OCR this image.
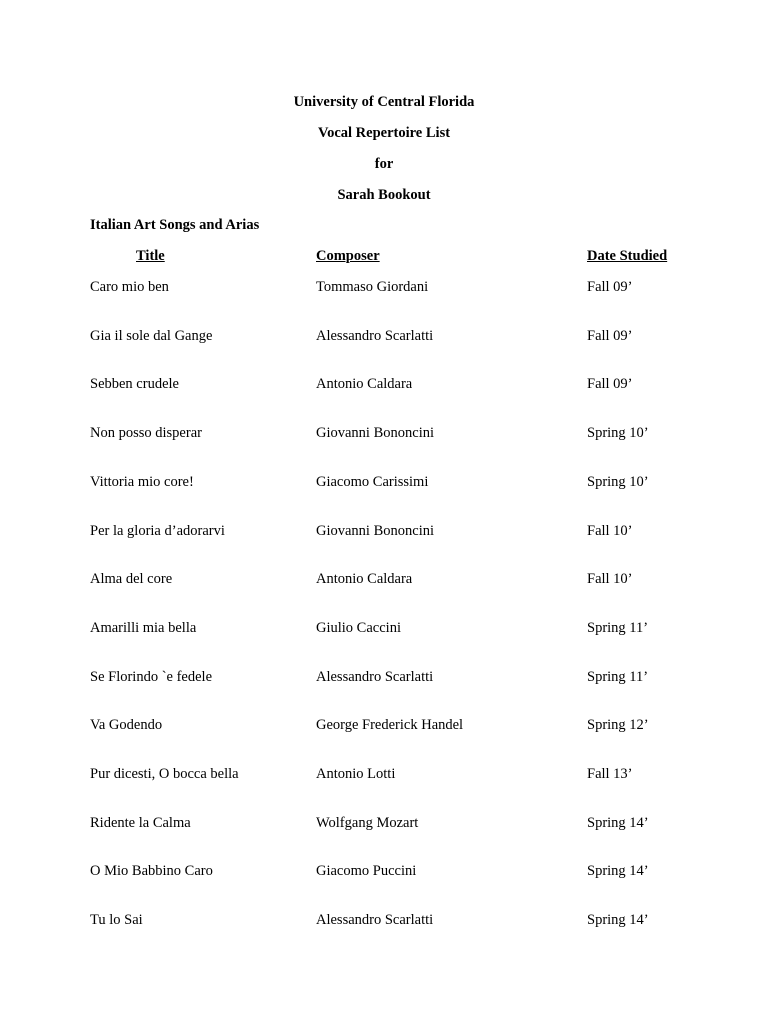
University of Central Florida
Vocal Repertoire List
for
Sarah Bookout
Italian Art Songs and Arias
Title	Composer	Date Studied
Caro mio ben	Tommaso Giordani	Fall 09’
Gia il sole dal Gange	Alessandro Scarlatti	Fall 09’
Sebben crudele	Antonio Caldara	Fall 09’
Non posso disperar	Giovanni Bononcini	Spring 10’
Vittoria mio core!	Giacomo Carissimi	Spring 10’
Per la gloria d’adorarvi	Giovanni Bononcini	Fall 10’
Alma del core	Antonio Caldara	Fall 10’
Amarilli mia bella	Giulio Caccini	Spring 11’
Se Florindo `e fedele	Alessandro Scarlatti	Spring 11’
Va Godendo	George Frederick Handel	Spring 12’
Pur dicesti, O bocca bella	Antonio Lotti	Fall 13’
Ridente la Calma	Wolfgang Mozart	Spring 14’
O Mio Babbino Caro	Giacomo Puccini	Spring 14’
Tu lo Sai	Alessandro Scarlatti	Spring 14’
